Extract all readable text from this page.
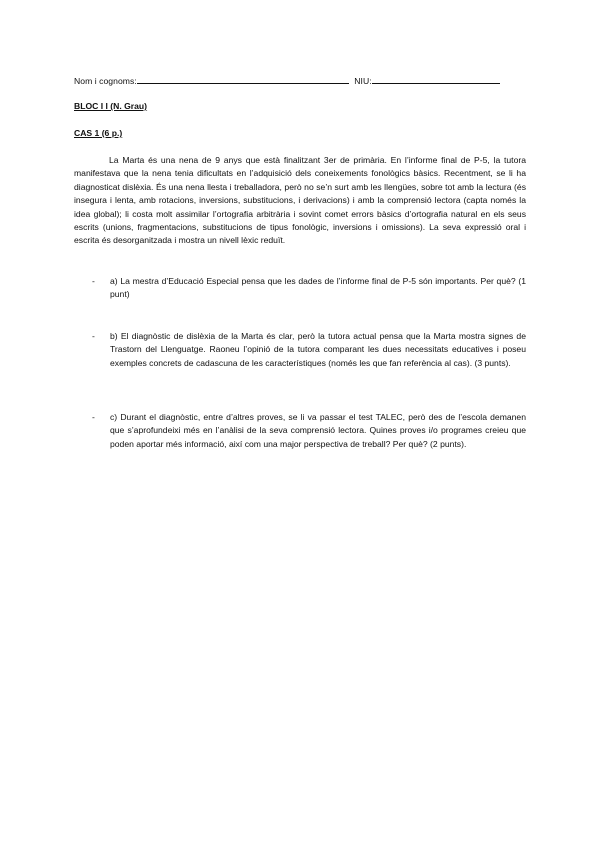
Nom i cognoms:	NIU:
BLOC I I (N. Grau)
CAS 1 (6 p.)

La Marta és una nena de 9 anys que està finalitzant 3er de primària. En l’informe final de P-5, la tutora manifestava que la nena tenia dificultats en l’adquisició dels coneixements fonològics bàsics. Recentment, se li ha diagnosticat dislèxia. És una nena llesta i treballadora, però no se’n surt amb les llengües, sobre tot amb la lectura (és insegura i lenta, amb rotacions, inversions, substitucions, i derivacions) i amb la comprensió lectora (capta només la idea global); li costa molt assimilar l’ortografia arbitrària i sovint comet errors bàsics d’ortografia natural en els seus escrits (unions, fragmentacions, substitucions de tipus fonològic, inversions i omissions). La seva expressió oral i escrita és desorganitzada i mostra un nivell lèxic reduït.

- a) La mestra d’Educació Especial pensa que les dades de l’informe final de P-5 són importants. Per què? (1 punt)
- b) El diagnòstic de dislèxia de la Marta és clar, però la tutora actual pensa que la Marta mostra signes de Trastorn del Llenguatge. Raoneu l’opinió de la tutora comparant les dues necessitats educatives i poseu exemples concrets de cadascuna de les característiques (només les que fan referència al cas). (3 punts).
- c) Durant el diagnòstic, entre d’altres proves, se li va passar el test TALEC, però des de l’escola demanen que s’aprofundeixi més en l’anàlisi de la seva comprensió lectora. Quines proves i/o programes creieu que poden aportar més informació, així com una major perspectiva de treball? Per què? (2 punts).
